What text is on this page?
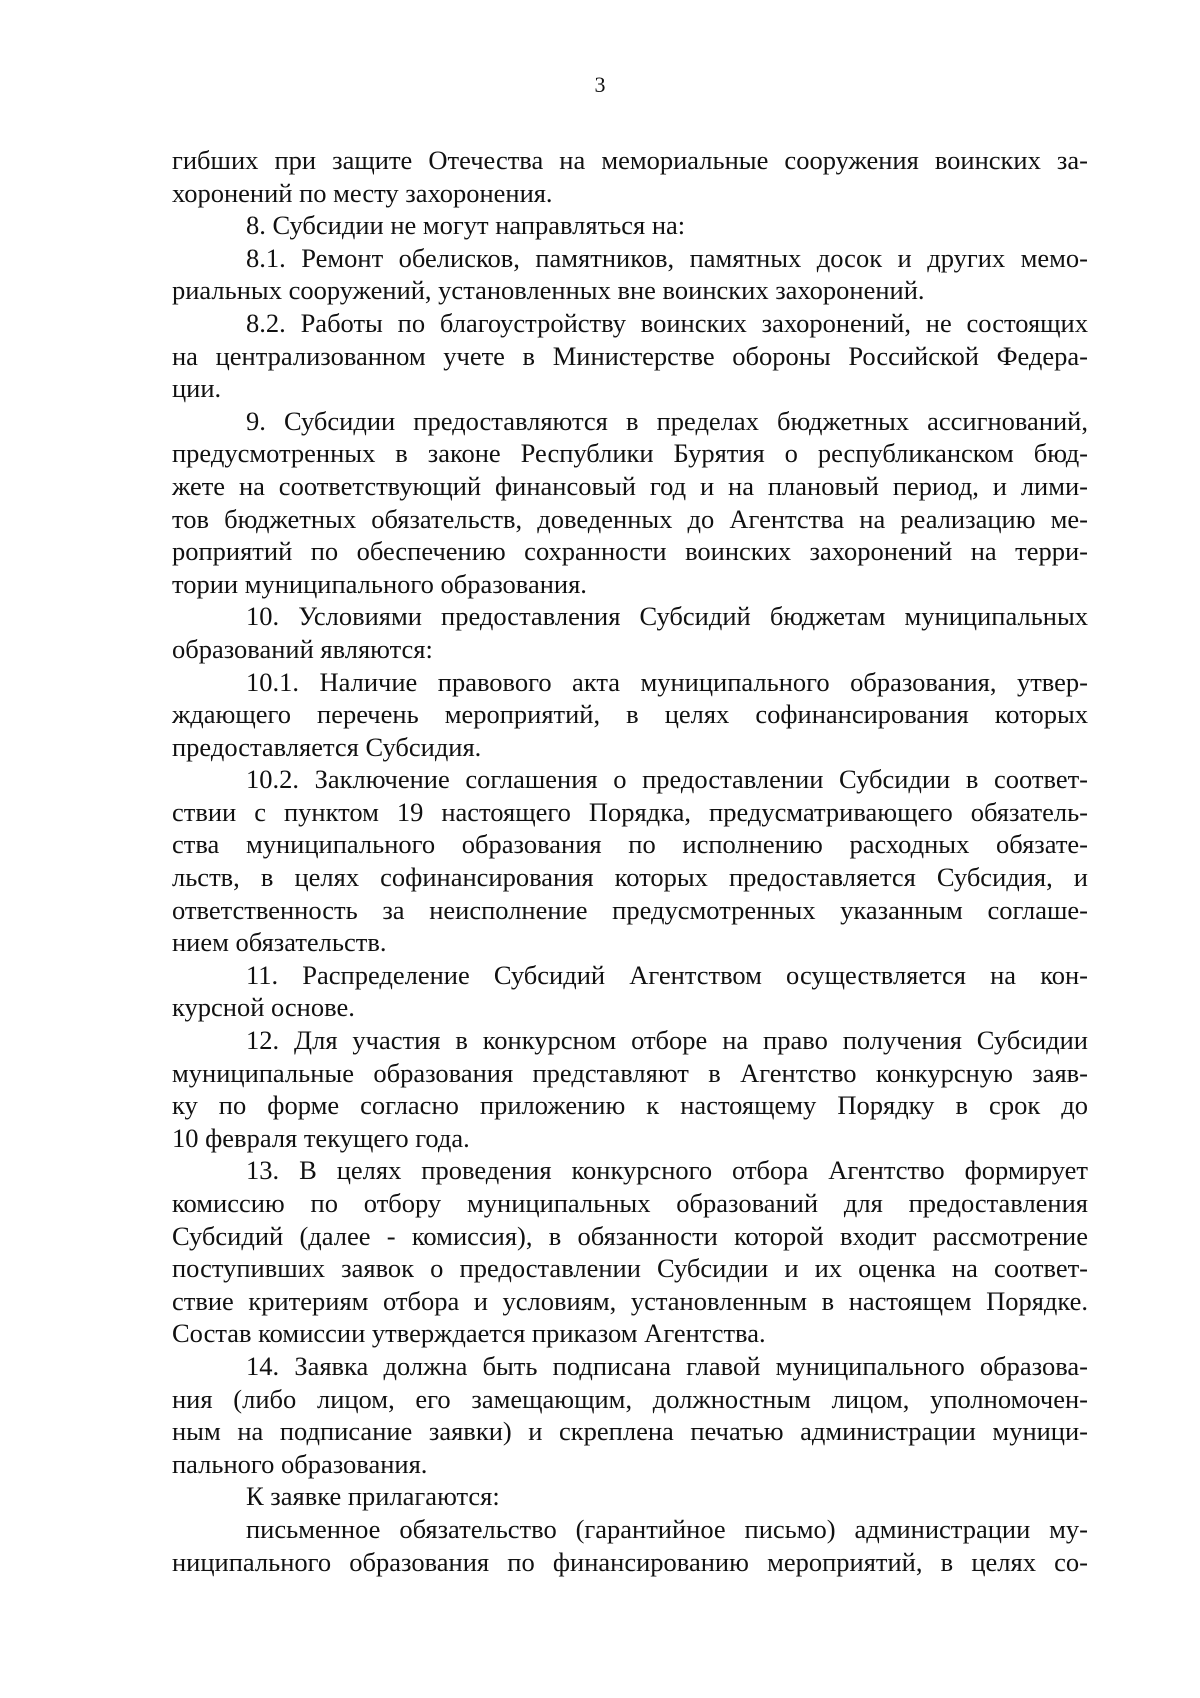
3
гибших при защите Отечества на мемориальные сооружения воинских за-
хоронений по месту захоронения.
8. Субсидии не могут направляться на:
8.1. Ремонт обелисков, памятников, памятных досок и других мемо-
риальных сооружений, установленных вне воинских захоронений.
8.2. Работы по благоустройству воинских захоронений, не состоящих
на централизованном учете в Министерстве обороны Российской Федера-
ции.
9. Субсидии предоставляются в пределах бюджетных ассигнований,
предусмотренных в законе Республики Бурятия о республиканском бюд-
жете на соответствующий финансовый год и на плановый период, и лими-
тов бюджетных обязательств, доведенных до Агентства на реализацию ме-
роприятий по обеспечению сохранности воинских захоронений на терри-
тории муниципального образования.
10. Условиями предоставления Субсидий бюджетам муниципальных
образований являются:
10.1. Наличие правового акта муниципального образования, утвер-
ждающего перечень мероприятий, в целях софинансирования которых
предоставляется Субсидия.
10.2. Заключение соглашения о предоставлении Субсидии в соответ-
ствии с пунктом 19 настоящего Порядка, предусматривающего обязатель-
ства муниципального образования по исполнению расходных обязате-
льств, в целях софинансирования которых предоставляется Субсидия, и
ответственность за неисполнение предусмотренных указанным соглаше-
нием обязательств.
11. Распределение Субсидий Агентством осуществляется на кон-
курсной основе.
12. Для участия в конкурсном отборе на право получения Субсидии
муниципальные образования представляют в Агентство конкурсную заяв-
ку по форме согласно приложению к настоящему Порядку в срок до
10 февраля текущего года.
13. В целях проведения конкурсного отбора Агентство формирует
комиссию по отбору муниципальных образований для предоставления
Субсидий (далее - комиссия), в обязанности которой входит рассмотрение
поступивших заявок о предоставлении Субсидии и их оценка на соответ-
ствие критериям отбора и условиям, установленным в настоящем Порядке.
Состав комиссии утверждается приказом Агентства.
14. Заявка должна быть подписана главой муниципального образова-
ния (либо лицом, его замещающим, должностным лицом, уполномочен-
ным на подписание заявки) и скреплена печатью администрации муници-
пального образования.
К заявке прилагаются:
письменное обязательство (гарантийное письмо) администрации му-
ниципального образования по финансированию мероприятий, в целях со-
